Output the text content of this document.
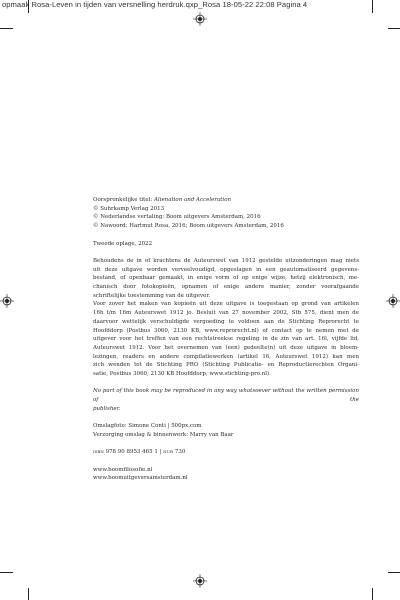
opmaak Rosa-Leven in tijden van versnelling herdruk.qxp_Rosa 18-05-22 22:08 Pagina 4

Oorspronkelijke titel: Alienation and Acceleration

© Suhrkamp Verlag 2013

© Nederlandse vertaling: Boom uitgevers Amsterdam, 2016

© Nawoord: Hartmut Rosa, 2016; Boom uitgevers Amsterdam, 2016

Tweede oplage, 2022

Behoudens de in of krachtens de Auteurswet van 1912 gestelde uitzonderingen mag niets

uit deze uitgave worden verveelvoudigd, opgeslagen in een geautomatiseerd gegevens-

bestand, of openbaar gemaakt, in enige vorm of op enige wijze, hetzij elektronisch, me-

chanisch door fotokopieën, opnamen of enige andere manier, zonder voorafgaande

schriftelijke toestemming van de uitgever.

Voor zover het maken van kopieën uit deze uitgave is toegestaan op grond van artikelen

16h t/m 16m Auteurswet 1912 jo. Besluit van 27 november 2002, Stb 575, dient men de

daarvoor wettelijk verschuldigde vergoeding te voldoen aan de Stichting Reprorecht te

Hoofddorp (Postbus 3060, 2130 KB, www.reprorecht.nl) of contact op te nemen met de

uitgever voor het treffen van een rechtstreekse regeling in de zin van art. 16l, vijfde lid,

Auteurswet 1912. Voor het overnemen van (een) gedeelte(n) uit deze uitgave in bloem-

lezingen, readers en andere compilatiewerken (artikel 16, Auteurswet 1912) kan men

zich wenden tot de Stichting PRO (Stichting Publicatie- en Reproductierechten Organi-

satie, Postbus 3060, 2130 KB Hoofddorp, www.stichting-pro.nl).

No part of this book may be reproduced in any way whatsoever without the written permission of the

publisher.

Omslagfoto: Simone Conti | 500px.com

Verzorging omslag & binnenwerk: Marry van Baar

isbn 978 90 8953 465 1 | nur 730

www.boomfilosofie.nl

www.boomuitgeversamsterdam.nl
